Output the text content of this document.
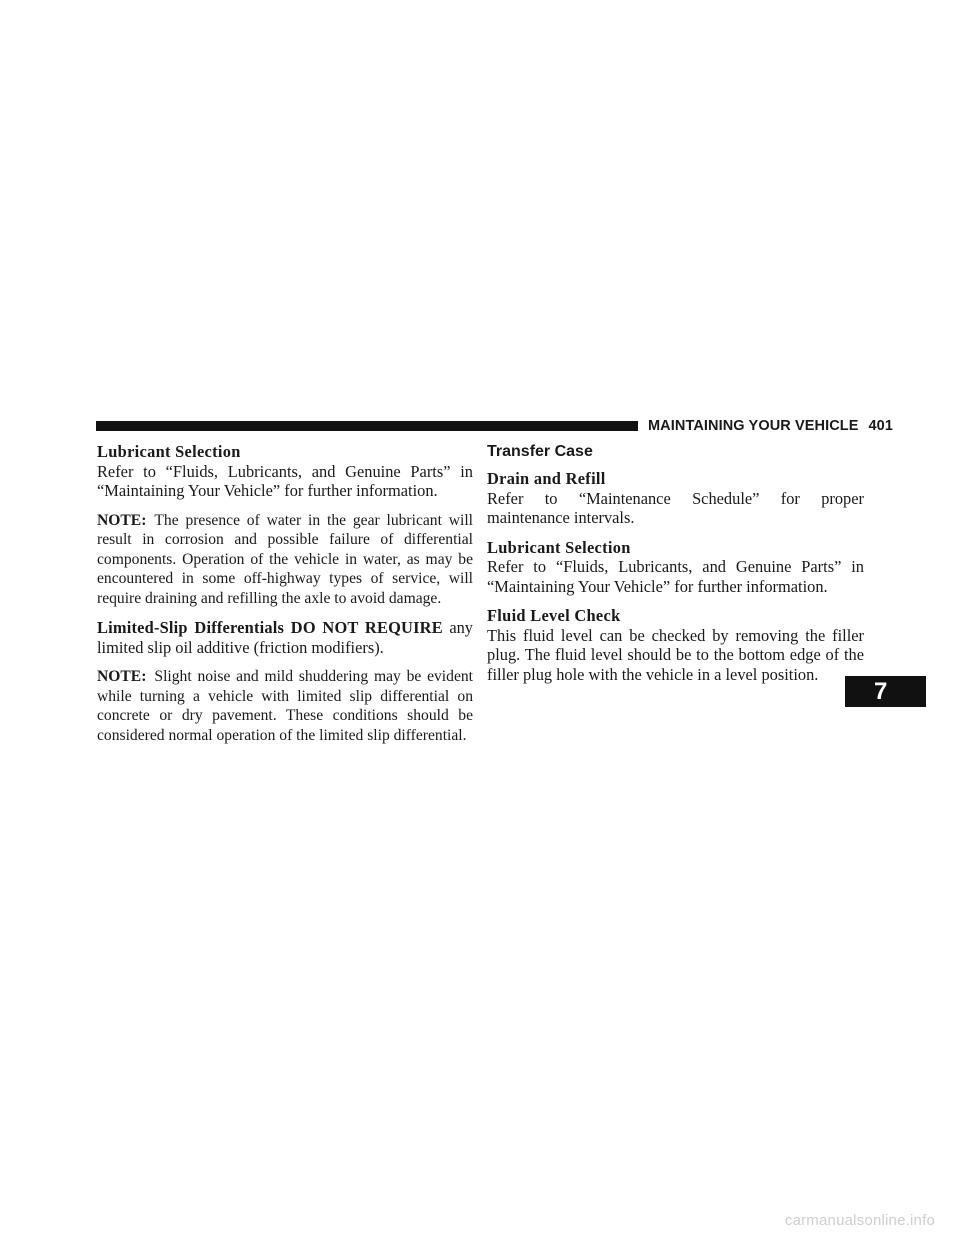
MAINTAINING YOUR VEHICLE 401
Lubricant Selection

Refer to “Fluids, Lubricants, and Genuine Parts” in “Maintaining Your Vehicle” for further information.

NOTE: The presence of water in the gear lubricant will result in corrosion and possible failure of differential components. Operation of the vehicle in water, as may be encountered in some off-highway types of service, will require draining and refilling the axle to avoid damage.

Limited-Slip Differentials DO NOT REQUIRE any limited slip oil additive (friction modifiers).

NOTE: Slight noise and mild shuddering may be evident while turning a vehicle with limited slip differential on concrete or dry pavement. These conditions should be considered normal operation of the limited slip differential.

Transfer Case
Drain and Refill

Refer to “Maintenance Schedule” for proper maintenance intervals.

Lubricant Selection

Refer to “Fluids, Lubricants, and Genuine Parts” in “Maintaining Your Vehicle” for further information.

Fluid Level Check

This fluid level can be checked by removing the filler plug. The fluid level should be to the bottom edge of the filler plug hole with the vehicle in a level position.

7
carmanualsonline.info
